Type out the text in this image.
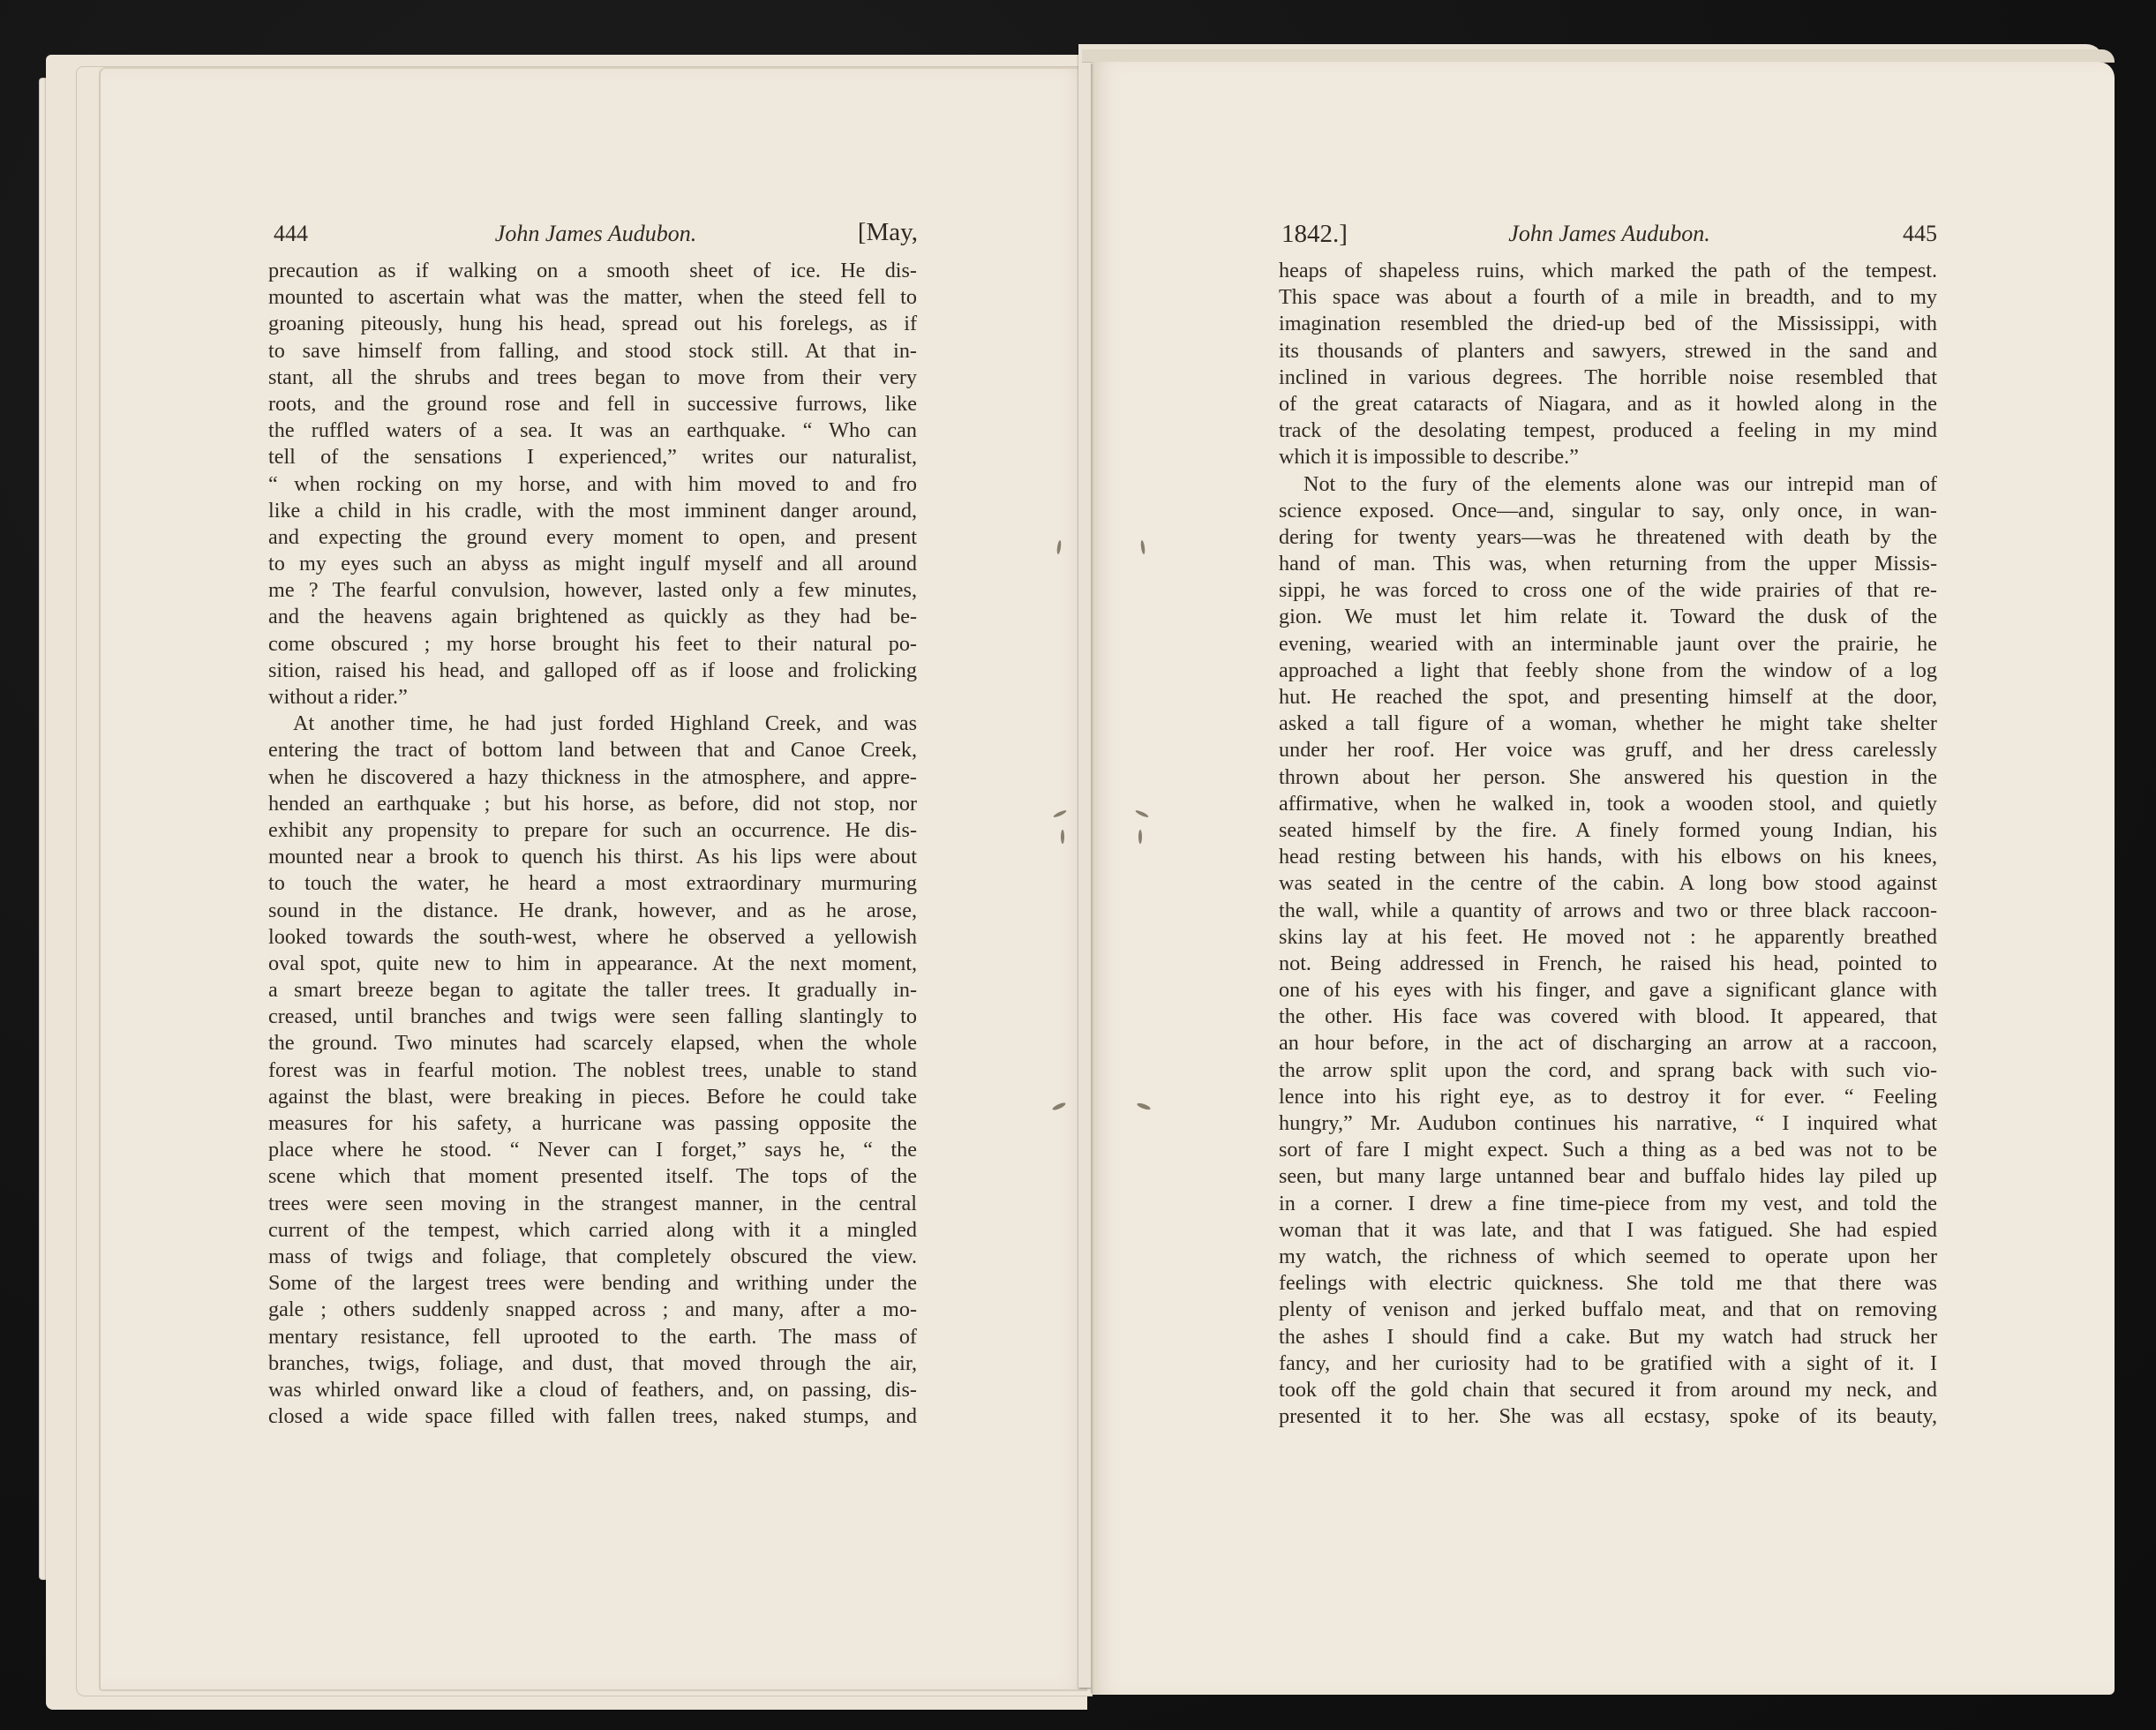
John James Audubon.
444	[May,
precaution as if walking on a smooth sheet of ice. He dis-
mounted to ascertain what was the matter, when the steed fell to
groaning piteously, hung his head, spread out his forelegs, as if
to save himself from falling, and stood stock still. At that in-
stant, all the shrubs and trees began to move from their very
roots, and the ground rose and fell in successive furrows, like
the ruffled waters of a sea. It was an earthquake. “ Who can
tell of the sensations I experienced,” writes our naturalist,
“ when rocking on my horse, and with him moved to and fro
like a child in his cradle, with the most imminent danger around,
and expecting the ground every moment to open, and present
to my eyes such an abyss as might ingulf myself and all around
me ? The fearful convulsion, however, lasted only a few minutes,
and the heavens again brightened as quickly as they had be-
come obscured ; my horse brought his feet to their natural po-
sition, raised his head, and galloped off as if loose and frolicking
without a rider.”
At another time, he had just forded Highland Creek, and was
entering the tract of bottom land between that and Canoe Creek,
when he discovered a hazy thickness in the atmosphere, and appre-
hended an earthquake ; but his horse, as before, did not stop, nor
exhibit any propensity to prepare for such an occurrence. He dis-
mounted near a brook to quench his thirst. As his lips were about
to touch the water, he heard a most extraordinary murmuring
sound in the distance. He drank, however, and as he arose,
looked towards the south-west, where he observed a yellowish
oval spot, quite new to him in appearance. At the next moment,
a smart breeze began to agitate the taller trees. It gradually in-
creased, until branches and twigs were seen falling slantingly to
the ground. Two minutes had scarcely elapsed, when the whole
forest was in fearful motion. The noblest trees, unable to stand
against the blast, were breaking in pieces. Before he could take
measures for his safety, a hurricane was passing opposite the
place where he stood. “ Never can I forget,” says he, “ the
scene which that moment presented itself. The tops of the
trees were seen moving in the strangest manner, in the central
current of the tempest, which carried along with it a mingled
mass of twigs and foliage, that completely obscured the view.
Some of the largest trees were bending and writhing under the
gale ; others suddenly snapped across ; and many, after a mo-
mentary resistance, fell uprooted to the earth. The mass of
branches, twigs, foliage, and dust, that moved through the air,
was whirled onward like a cloud of feathers, and, on passing, dis-
closed a wide space filled with fallen trees, naked stumps, and
John James Audubon.
1842.]	445
heaps of shapeless ruins, which marked the path of the tempest.
This space was about a fourth of a mile in breadth, and to my
imagination resembled the dried-up bed of the Mississippi, with
its thousands of planters and sawyers, strewed in the sand and
inclined in various degrees. The horrible noise resembled that
of the great cataracts of Niagara, and as it howled along in the
track of the desolating tempest, produced a feeling in my mind
which it is impossible to describe.”
Not to the fury of the elements alone was our intrepid man of
science exposed. Once—and, singular to say, only once, in wan-
dering for twenty years—was he threatened with death by the
hand of man. This was, when returning from the upper Missis-
sippi, he was forced to cross one of the wide prairies of that re-
gion. We must let him relate it. Toward the dusk of the
evening, wearied with an interminable jaunt over the prairie, he
approached a light that feebly shone from the window of a log
hut. He reached the spot, and presenting himself at the door,
asked a tall figure of a woman, whether he might take shelter
under her roof. Her voice was gruff, and her dress carelessly
thrown about her person. She answered his question in the
affirmative, when he walked in, took a wooden stool, and quietly
seated himself by the fire. A finely formed young Indian, his
head resting between his hands, with his elbows on his knees,
was seated in the centre of the cabin. A long bow stood against
the wall, while a quantity of arrows and two or three black raccoon-
skins lay at his feet. He moved not : he apparently breathed
not. Being addressed in French, he raised his head, pointed to
one of his eyes with his finger, and gave a significant glance with
the other. His face was covered with blood. It appeared, that
an hour before, in the act of discharging an arrow at a raccoon,
the arrow split upon the cord, and sprang back with such vio-
lence into his right eye, as to destroy it for ever. “ Feeling
hungry,” Mr. Audubon continues his narrative, “ I inquired what
sort of fare I might expect. Such a thing as a bed was not to be
seen, but many large untanned bear and buffalo hides lay piled up
in a corner. I drew a fine time-piece from my vest, and told the
woman that it was late, and that I was fatigued. She had espied
my watch, the richness of which seemed to operate upon her
feelings with electric quickness. She told me that there was
plenty of venison and jerked buffalo meat, and that on removing
the ashes I should find a cake. But my watch had struck her
fancy, and her curiosity had to be gratified with a sight of it. I
took off the gold chain that secured it from around my neck, and
presented it to her. She was all ecstasy, spoke of its beauty,
